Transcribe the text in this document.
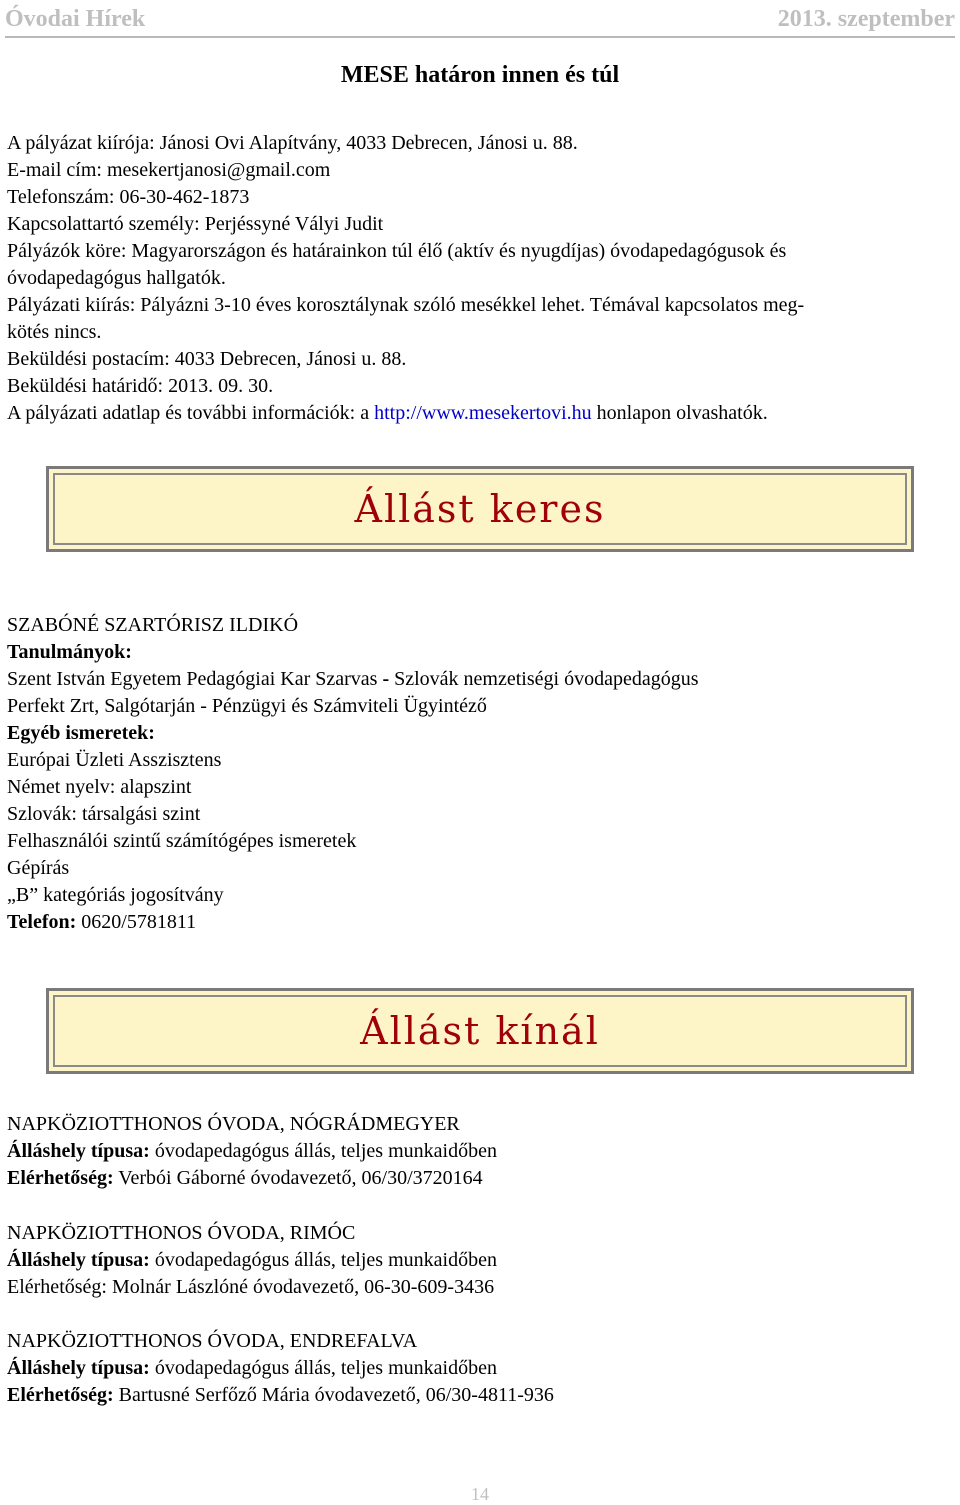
Óvodai Hírek	2013. szeptember
MESE határon innen és túl
A pályázat kiírója: Jánosi Ovi Alapítvány, 4033 Debrecen, Jánosi u. 88.
E-mail cím: mesekertjanosi@gmail.com
Telefonszám: 06-30-462-1873
Kapcsolattartó személy: Perjéssyné Vályi Judit
Pályázók köre: Magyarországon és határainkon túl élő (aktív és nyugdíjas) óvodapedagógusok és
óvodapedagógus hallgatók.
Pályázati kiírás: Pályázni 3-10 éves korosztálynak szóló mesékkel lehet. Témával kapcsolatos meg-
kötés nincs.
Beküldési postacím: 4033 Debrecen, Jánosi u. 88.
Beküldési határidő: 2013. 09. 30.
A pályázati adatlap és további információk: a http://www.mesekertovi.hu honlapon olvashatók.
Állást keres
SZABÓNÉ SZARTÓRISZ ILDIKÓ
Tanulmányok:
Szent István Egyetem Pedagógiai Kar Szarvas - Szlovák nemzetiségi óvodapedagógus
Perfekt Zrt, Salgótarján - Pénzügyi és Számviteli Ügyintéző
Egyéb ismeretek:
Európai Üzleti Asszisztens
Német nyelv: alapszint
Szlovák: társalgási szint
Felhasználói szintű számítógépes ismeretek
Gépírás
„B” kategóriás jogosítvány
Telefon: 0620/5781811
Állást kínál
NAPKÖZIOTTHONOS ÓVODA, NÓGRÁDMEGYER
Álláshely típusa: óvodapedagógus állás, teljes munkaidőben
Elérhetőség: Verbói Gáborné óvodavezető, 06/30/3720164
NAPKÖZIOTTHONOS ÓVODA, RIMÓC
Álláshely típusa: óvodapedagógus állás, teljes munkaidőben
Elérhetőség: Molnár Lászlóné óvodavezető, 06-30-609-3436
NAPKÖZIOTTHONOS ÓVODA, ENDREFALVA
Álláshely típusa: óvodapedagógus állás, teljes munkaidőben
Elérhetőség: Bartusné Serfőző Mária óvodavezető, 06/30-4811-936
14
